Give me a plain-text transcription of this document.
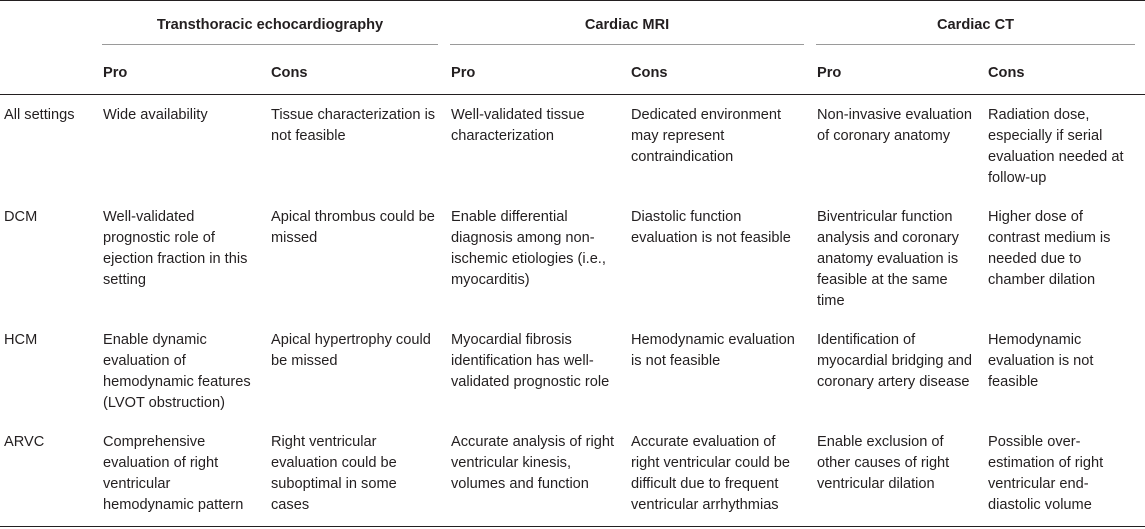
	Transthoracic echocardiography		Cardiac MRI		Cardiac CT	

	Pro	Cons	Pro	Cons	Pro	Cons
All settings	Wide availability	Tissue characterization is not feasible	Well-validated tissue characterization	Dedicated environment may represent contraindication	Non-invasive evaluation of coronary anatomy	Radiation dose, especially if serial evaluation needed at follow-up
DCM	Well-validated prognostic role of ejection fraction in this setting	Apical thrombus could be missed	Enable differential diagnosis among non-ischemic etiologies (i.e., myocarditis)	Diastolic function evaluation is not feasible	Biventricular function analysis and coronary anatomy evaluation is feasible at the same time	Higher dose of contrast medium is needed due to chamber dilation
HCM	Enable dynamic evaluation of hemodynamic features (LVOT obstruction)	Apical hypertrophy could be missed	Myocardial fibrosis identification has well-validated prognostic role	Hemodynamic evaluation is not feasible	Identification of myocardial bridging and coronary artery disease	Hemodynamic evaluation is not feasible
ARVC	Comprehensive evaluation of right ventricular hemodynamic pattern	Right ventricular evaluation could be suboptimal in some cases	Accurate analysis of right ventricular kinesis, volumes and function	Accurate evaluation of right ventricular could be difficult due to frequent ventricular arrhythmias	Enable exclusion of other causes of right ventricular dilation	Possible over-estimation of right ventricular end-diastolic volume
